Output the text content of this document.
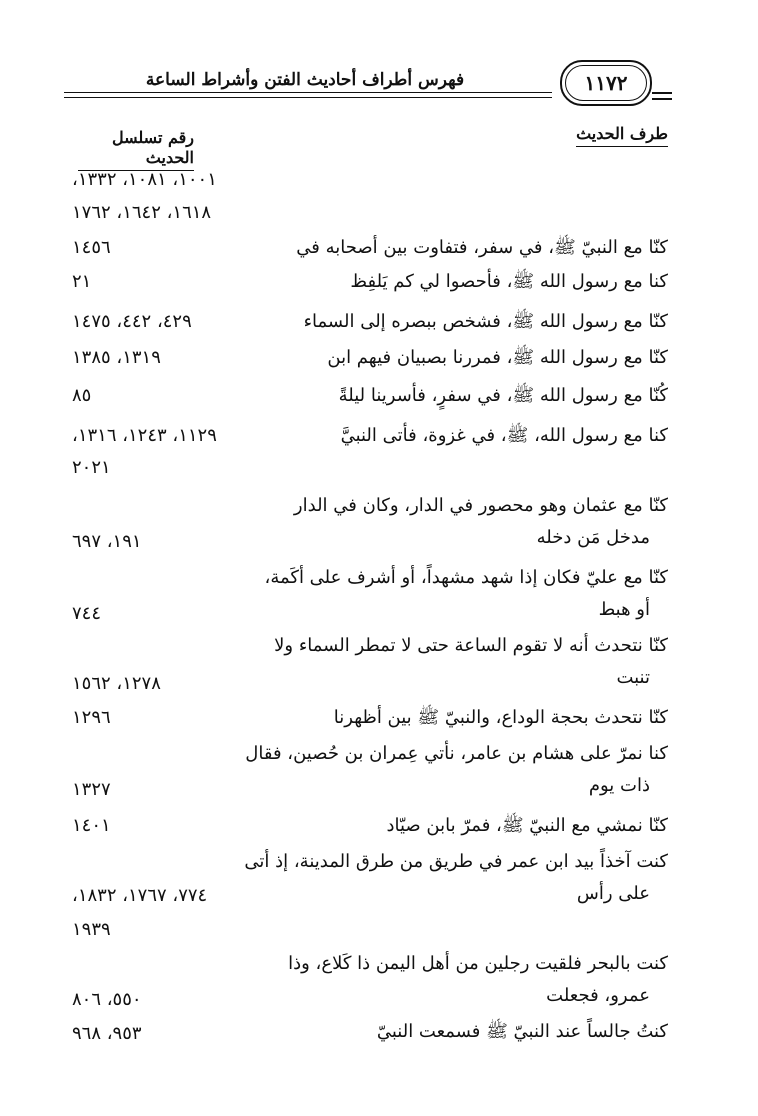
فهرس أطراف أحاديث الفتن وأشراط الساعة	١١٧٢
طرف الحديث
رقم تسلسل الحديث
١٠٠١، ١٠٨١، ١٣٣٢،
١٦١٨، ١٦٤٢، ١٧٦٢
كنّا مع النبيّ ﷺ، في سفر، فتفاوت بين أصحابه في
١٤٥٦
كنا مع رسول الله ﷺ، فأحصوا لي كم يَلفِظ
٢١
كنّا مع رسول الله ﷺ، فشخص ببصره إلى السماء
٤٢٩، ٤٤٢، ١٤٧٥
كنّا مع رسول الله ﷺ، فمررنا بصبيان فيهم ابن
١٣١٩، ١٣٨٥
كُنّا مع رسول الله ﷺ، في سفرٍ، فأسرينا ليلةً
٨٥
كنا مع رسول الله، ﷺ، في غزوة، فأتى النبيَّ
١١٢٩، ١٢٤٣، ١٣١٦،
٢٠٢١
كنّا مع عثمان وهو محصور في الدار، وكان في الدار
مدخل مَن دخله
١٩١، ٦٩٧
كنّا مع عليّ فكان إذا شهد مشهداً، أو أشرف على أكَمة،
أو هبط
٧٤٤
كنّا نتحدث أنه لا تقوم الساعة حتى لا تمطر السماء ولا
تنبت
١٢٧٨، ١٥٦٢
كنّا نتحدث بحجة الوداع، والنبيّ ﷺ بين أظهرنا
١٢٩٦
كنا نمرّ على هشام بن عامر، نأتي عِمران بن حُصين، فقال
ذات يوم
١٣٢٧
كنّا نمشي مع النبيّ ﷺ، فمرّ بابن صيّاد
١٤٠١
كنت آخذاً بيد ابن عمر في طريق من طرق المدينة، إذ أتى
على رأس
٧٧٤، ١٧٦٧، ١٨٣٢،
١٩٣٩
كنت بالبحر فلقيت رجلين من أهل اليمن ذا كَلاع، وذا
عمرو، فجعلت
٥٥٠، ٨٠٦
كنتُ جالساً عند النبيّ ﷺ فسمعت النبيّ
٩٥٣، ٩٦٨
